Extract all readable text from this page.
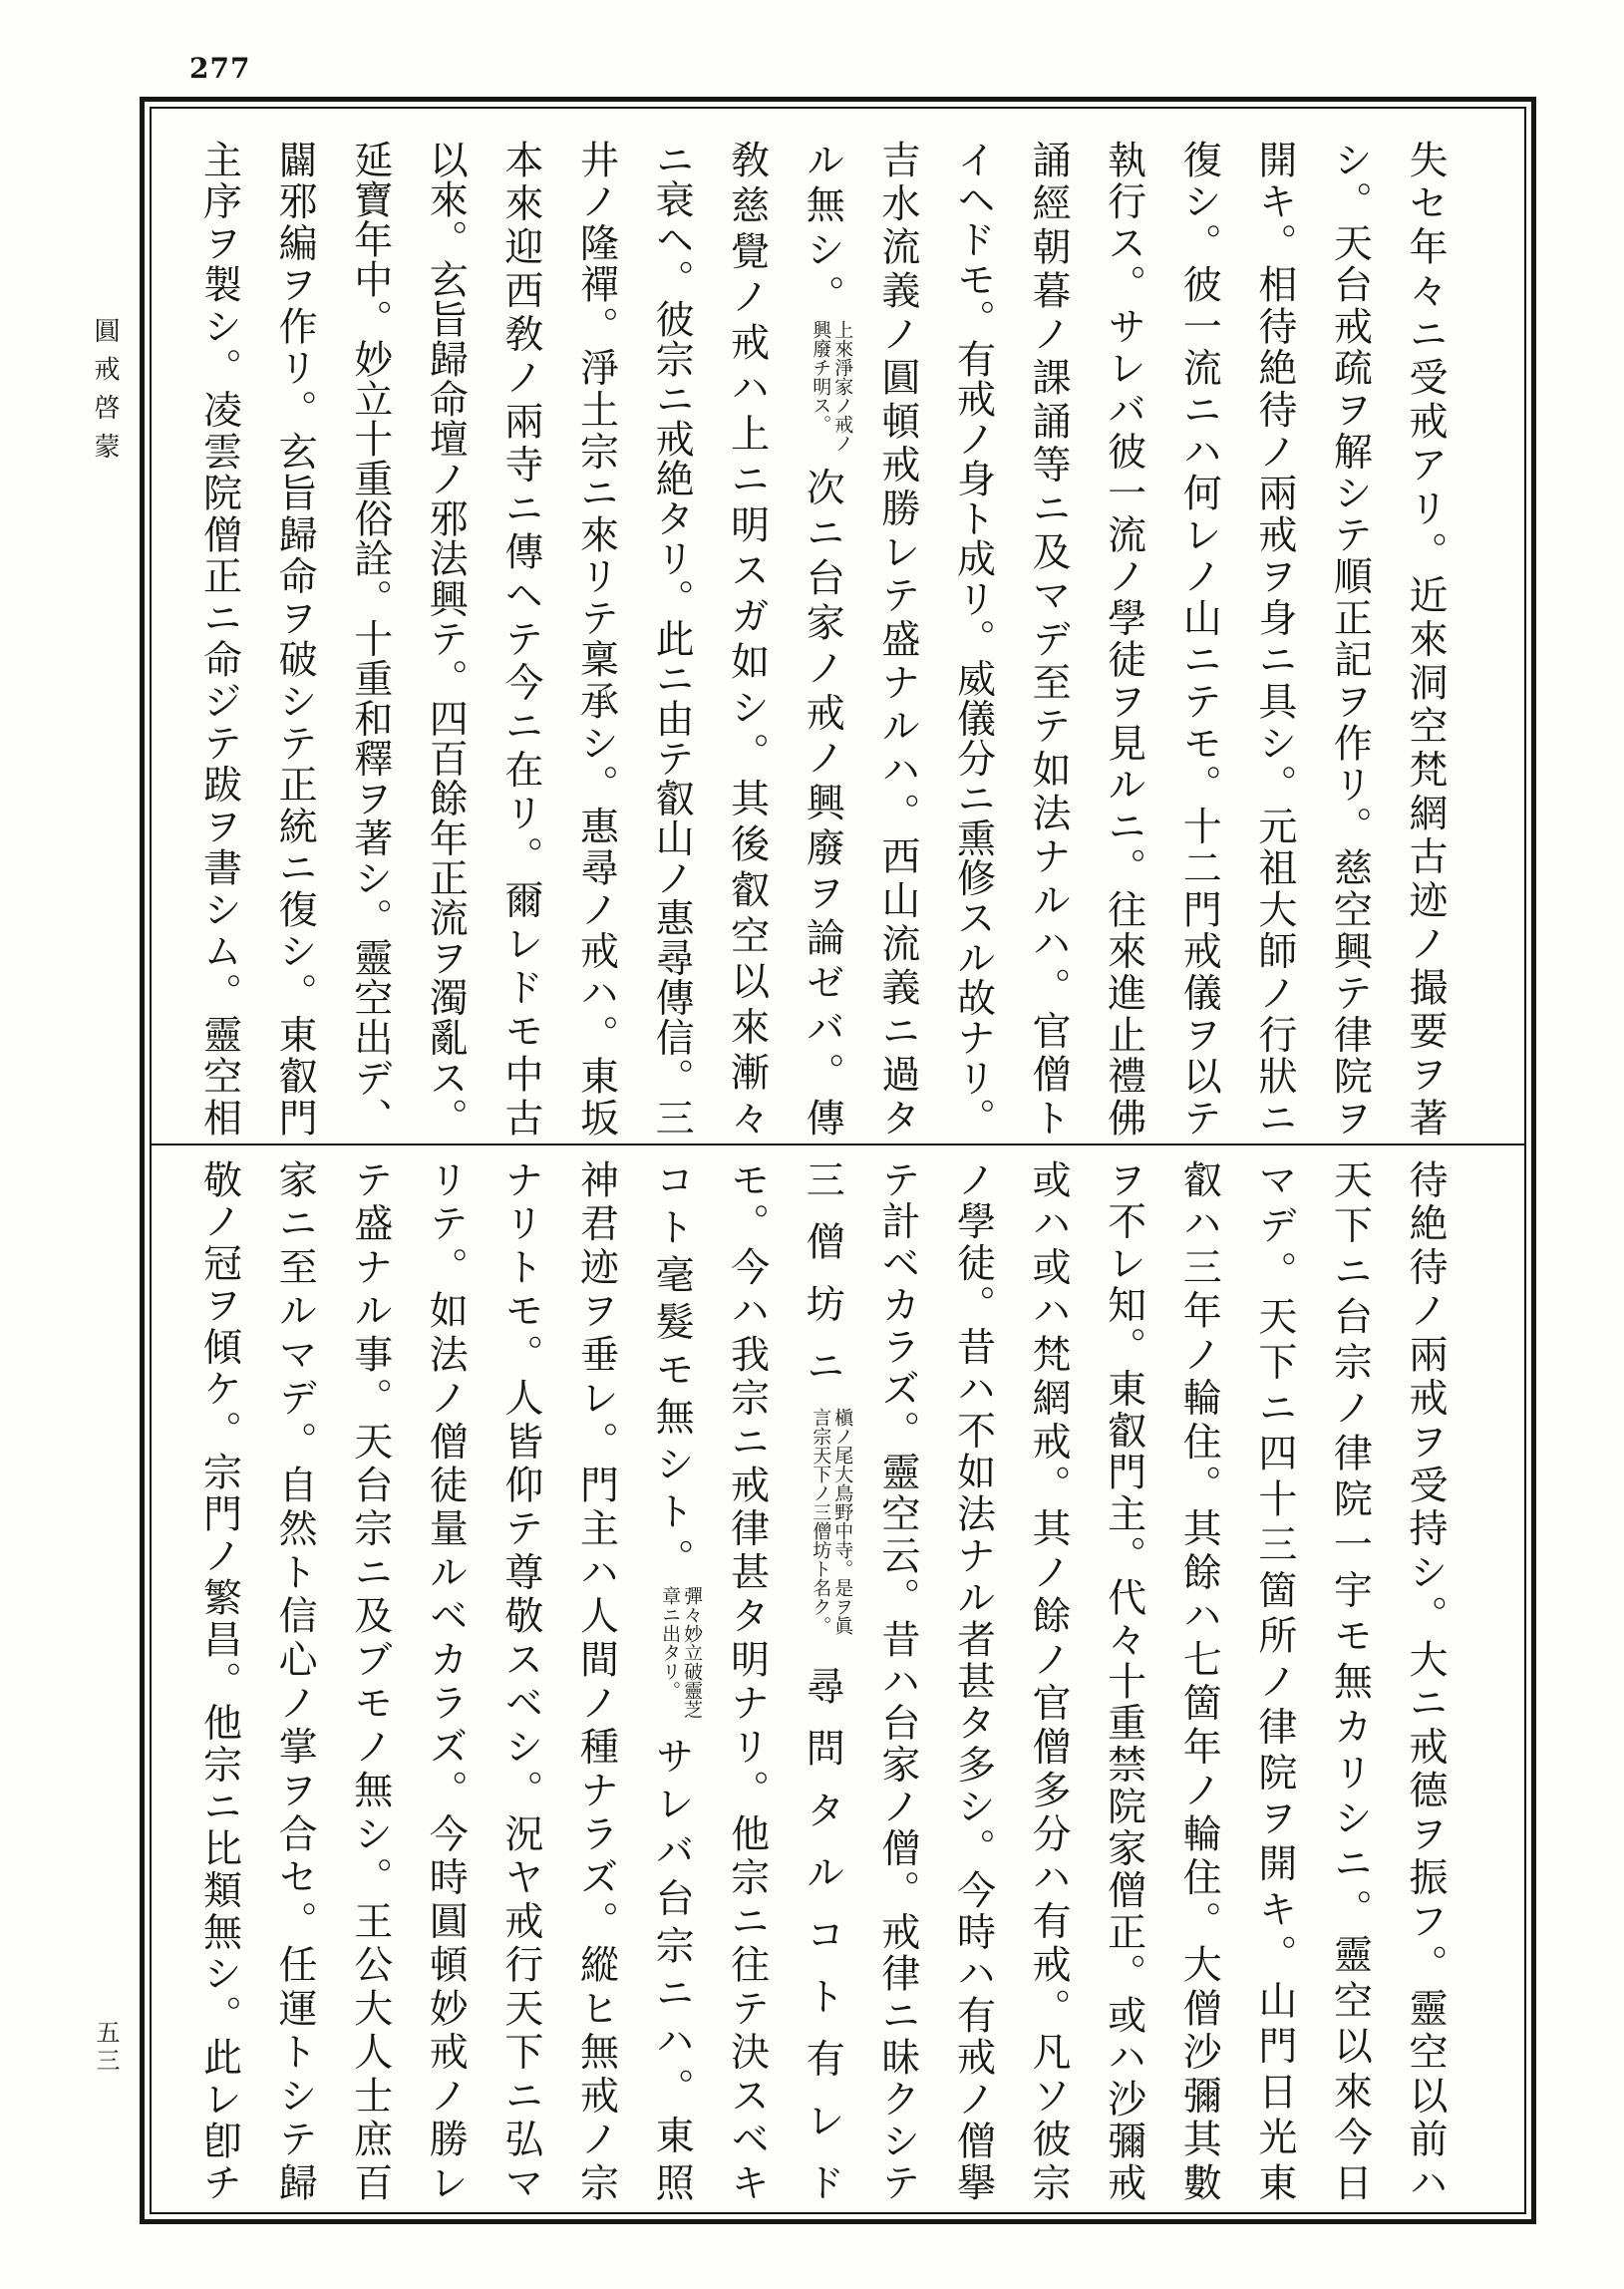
277
圓戒啓蒙
五三
失セ年々ニ受戒アリ。近來洞空梵網古迹ノ撮要ヲ著
シ。天台戒疏ヲ解シテ順正記ヲ作リ。慈空興テ律院ヲ
開キ。相待絶待ノ兩戒ヲ身ニ具シ。元祖大師ノ行狀ニ
復シ。彼一流ニハ何レノ山ニテモ。十二門戒儀ヲ以テ
執行ス。サレバ彼一流ノ學徒ヲ見ルニ。往來進止禮佛
誦經朝暮ノ課誦等ニ及マデ至テ如法ナルハ。官僧ト
イヘドモ。有戒ノ身ト成リ。威儀分ニ熏修スル故ナリ。
吉水流義ノ圓頓戒勝レテ盛ナルハ。西山流義ニ過タ
ル無シ。
上來淨家ノ戒ノ
興廢チ明ス。
次ニ台家ノ戒ノ興廢ヲ論ゼバ。傳
敎慈覺ノ戒ハ上ニ明スガ如シ。其後叡空以來漸々
ニ衰ヘ。彼宗ニ戒絶タリ。此ニ由テ叡山ノ惠尋傳信。三
井ノ隆禪。淨土宗ニ來リテ稟承シ。惠尋ノ戒ハ。東坂
本來迎西敎ノ兩寺ニ傳ヘテ今ニ在リ。爾レドモ中古
以來。玄旨歸命壇ノ邪法興テ。四百餘年正流ヲ濁亂ス。
延寶年中。妙立十重俗詮。十重和釋ヲ著シ。靈空出デ、
闢邪編ヲ作リ。玄旨歸命ヲ破シテ正統ニ復シ。東叡門
主序ヲ製シ。凌雲院僧正ニ命ジテ跋ヲ書シム。靈空相
待絶待ノ兩戒ヲ受持シ。大ニ戒德ヲ振フ。靈空以前ハ
天下ニ台宗ノ律院一宇モ無カリシニ。靈空以來今日
マデ。天下ニ四十三箇所ノ律院ヲ開キ。山門日光東
叡ハ三年ノ輪住。其餘ハ七箇年ノ輪住。大僧沙彌其數
ヲ不レ知。東叡門主。代々十重禁院家僧正。或ハ沙彌戒
或ハ或ハ梵網戒。其ノ餘ノ官僧多分ハ有戒。凡ソ彼宗
ノ學徒。昔ハ不如法ナル者甚タ多シ。今時ハ有戒ノ僧擧
テ計ベカラズ。靈空云。昔ハ台家ノ僧。戒律ニ昧クシテ
三僧坊ニ
槇ノ尾大鳥野中寺。是ヲ眞
言宗天下ノ三僧坊ト名ク。
尋問タルコト有レド
モ。今ハ我宗ニ戒律甚タ明ナリ。他宗ニ往テ決スベキ
コト毫髮モ無シト。
彈々妙立破靈芝
章ニ出タリ。
サレバ台宗ニハ。東照
神君迹ヲ垂レ。門主ハ人間ノ種ナラズ。縱ヒ無戒ノ宗
ナリトモ。人皆仰テ尊敬スベシ。況ヤ戒行天下ニ弘マ
リテ。如法ノ僧徒量ルベカラズ。今時圓頓妙戒ノ勝レ
テ盛ナル事。天台宗ニ及ブモノ無シ。王公大人士庶百
家ニ至ルマデ。自然ト信心ノ掌ヲ合セ。任運トシテ歸
敬ノ冠ヲ傾ケ。宗門ノ繁昌。他宗ニ比類無シ。此レ卽チ
